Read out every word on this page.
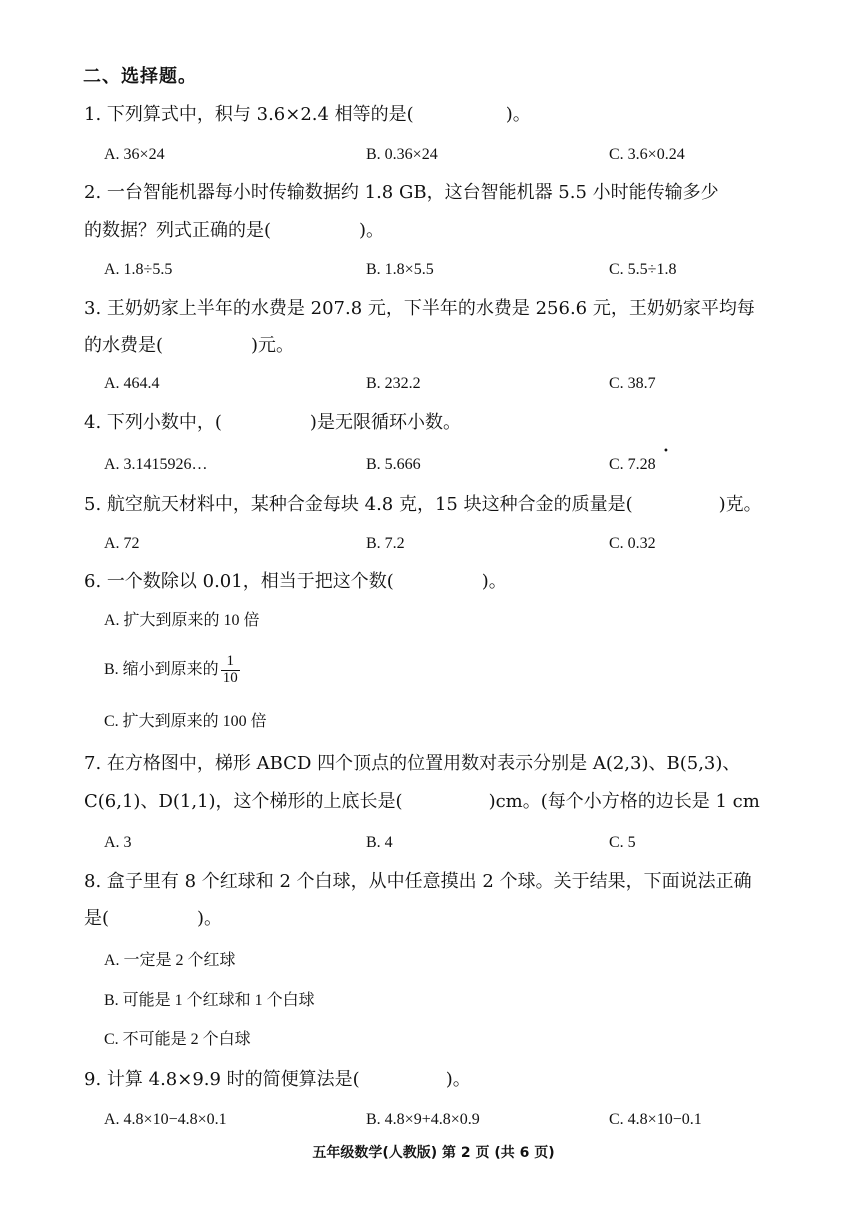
二、选择题。
1. 下列算式中，积与 3.6×2.4 相等的是(	)。
A. 36×24	B. 0.36×24	C. 3.6×0.24
2. 一台智能机器每小时传输数据约 1.8 GB，这台智能机器 5.5 小时能传输多少
的数据？列式正确的是(	)。
A. 1.8÷5.5	B. 1.8×5.5	C. 5.5÷1.8
3. 王奶奶家上半年的水费是 207.8 元，下半年的水费是 256.6 元，王奶奶家平均每
的水费是(	)元。
A. 464.4	B. 232.2	C. 38.7
4. 下列小数中，(	)是无限循环小数。
A. 3.1415926…	B. 5.666	C. 7.28
•
5. 航空航天材料中，某种合金每块 4.8 克，15 块这种合金的质量是(	)克。
A. 72	B. 7.2	C. 0.32
6. 一个数除以 0.01，相当于把这个数(	)。
A. 扩大到原来的 10 倍
B. 缩小到原来的 $\frac{1}{10}$
C. 扩大到原来的 100 倍
7. 在方格图中，梯形 ABCD 四个顶点的位置用数对表示分别是 A(2,3)、B(5,3)、
C(6,1)、D(1,1)，这个梯形的上底长是(	)cm。(每个小方格的边长是 1 cm
A. 3	B. 4	C. 5
8. 盒子里有 8 个红球和 2 个白球，从中任意摸出 2 个球。关于结果，下面说法正确
是(	)。
A. 一定是 2 个红球
B. 可能是 1 个红球和 1 个白球
C. 不可能是 2 个白球
9. 计算 4.8×9.9 时的简便算法是(	)。
A. 4.8×10−4.8×0.1	B. 4.8×9+4.8×0.9	C. 4.8×10−0.1
五年级数学(人教版) 第 2 页 (共 6 页)
